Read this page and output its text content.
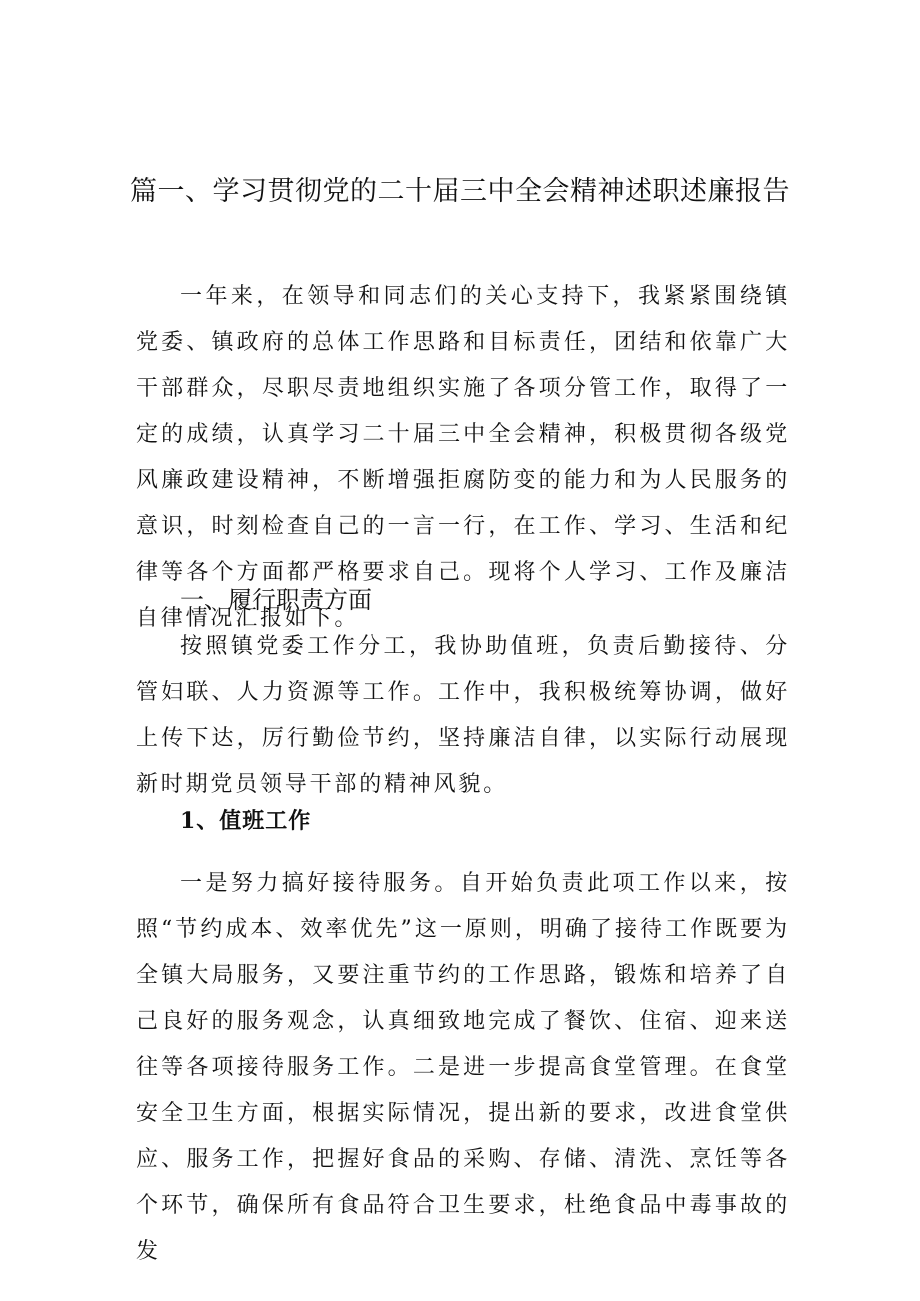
篇一、学习贯彻党的二十届三中全会精神述职述廉报告

一年来，在领导和同志们的关心支持下，我紧紧围绕镇党委、镇政府的总体工作思路和目标责任，团结和依靠广大干部群众，尽职尽责地组织实施了各项分管工作，取得了一定的成绩，认真学习二十届三中全会精神，积极贯彻各级党风廉政建设精神，不断增强拒腐防变的能力和为人民服务的意识，时刻检查自己的一言一行，在工作、学习、生活和纪律等各个方面都严格要求自己。现将个人学习、工作及廉洁自律情况汇报如下。

一、履行职责方面

按照镇党委工作分工，我协助值班，负责后勤接待、分管妇联、人力资源等工作。工作中，我积极统筹协调，做好上传下达，厉行勤俭节约，坚持廉洁自律，以实际行动展现新时期党员领导干部的精神风貌。

1、值班工作

一是努力搞好接待服务。自开始负责此项工作以来，按照“节约成本、效率优先”这一原则，明确了接待工作既要为全镇大局服务，又要注重节约的工作思路，锻炼和培养了自己良好的服务观念，认真细致地完成了餐饮、住宿、迎来送往等各项接待服务工作。二是进一步提高食堂管理。在食堂安全卫生方面，根据实际情况，提出新的要求，改进食堂供应、服务工作，把握好食品的采购、存储、清洗、烹饪等各个环节，确保所有食品符合卫生要求，杜绝食品中毒事故的发
